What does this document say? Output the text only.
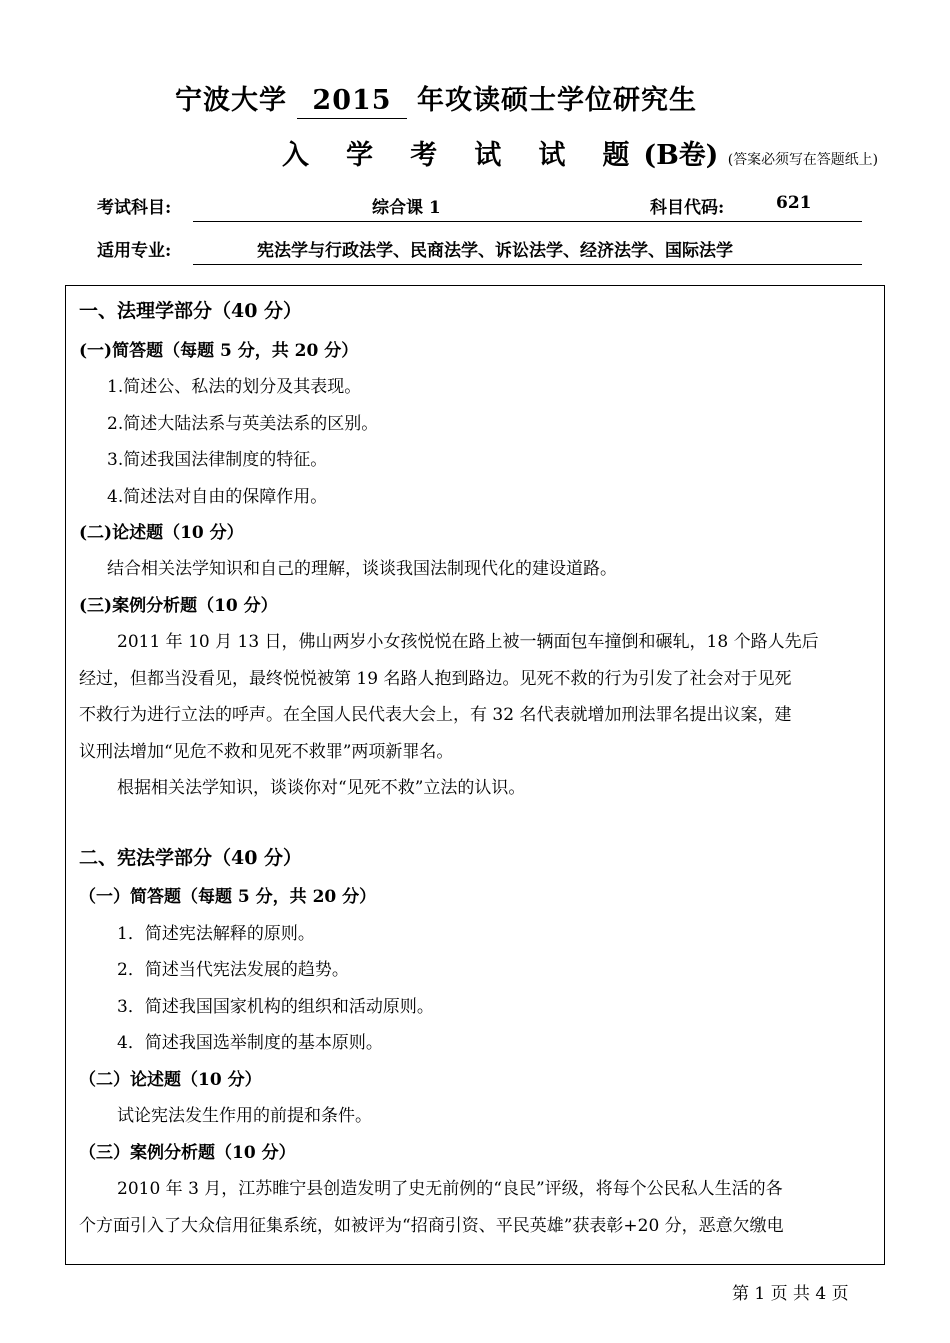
宁波大学 2015 年攻读硕士学位研究生
入 学 考 试 试 题(B卷) (答案必须写在答题纸上)
考试科目:	综合课 1	科目代码:	621
适用专业:	宪法学与行政法学、民商法学、诉讼法学、经济法学、国际法学
一、法理学部分（40 分）
(一)简答题（每题 5 分，共 20 分）
1.简述公、私法的划分及其表现。
2.简述大陆法系与英美法系的区别。
3.简述我国法律制度的特征。
4.简述法对自由的保障作用。
(二)论述题（10 分）
结合相关法学知识和自己的理解，谈谈我国法制现代化的建设道路。
(三)案例分析题（10 分）
2011 年 10 月 13 日，佛山两岁小女孩悦悦在路上被一辆面包车撞倒和碾轧，18 个路人先后
经过，但都当没看见，最终悦悦被第 19 名路人抱到路边。见死不救的行为引发了社会对于见死
不救行为进行立法的呼声。在全国人民代表大会上，有 32 名代表就增加刑法罪名提出议案，建
议刑法增加“见危不救和见死不救罪”两项新罪名。
根据相关法学知识，谈谈你对“见死不救”立法的认识。
二、宪法学部分（40 分）
（一）简答题（每题 5 分，共 20 分）
1．简述宪法解释的原则。
2．简述当代宪法发展的趋势。
3．简述我国国家机构的组织和活动原则。
4．简述我国选举制度的基本原则。
（二）论述题（10 分）
试论宪法发生作用的前提和条件。
（三）案例分析题（10 分）
2010 年 3 月，江苏睢宁县创造发明了史无前例的“良民”评级，将每个公民私人生活的各
个方面引入了大众信用征集系统，如被评为“招商引资、平民英雄”获表彰+20 分，恶意欠缴电
第 1 页 共 4 页
